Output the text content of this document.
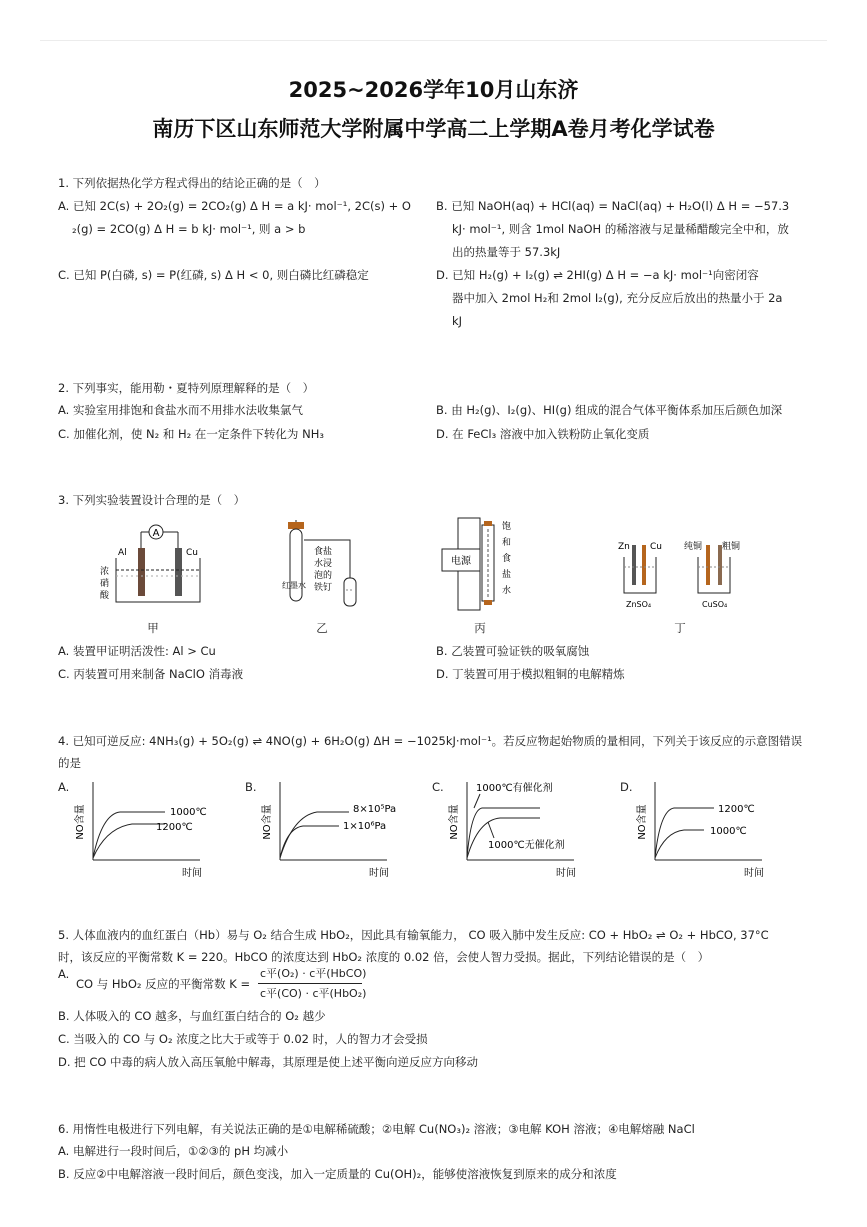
2025~2026学年10月山东济
南历下区山东师范大学附属中学高二上学期A卷月考化学试卷
1. 下列依据热化学方程式得出的结论正确的是（　）
A. 已知 2C(s) + 2O₂(g) = 2CO₂(g) Δ H = a kJ· mol⁻¹, 2C(s) + O
₂(g) = 2CO(g) Δ H = b kJ· mol⁻¹, 则 a > b
B. 已知 NaOH(aq) + HCl(aq) = NaCl(aq) + H₂O(l) Δ H = −57.3
kJ· mol⁻¹, 则含 1mol NaOH 的稀溶液与足量稀醋酸完全中和，放
出的热量等于 57.3kJ
C. 已知 P(白磷, s) = P(红磷, s) Δ H < 0, 则白磷比红磷稳定	D. 已知 H₂(g) + I₂(g) ⇌ 2HI(g) Δ H = −a kJ· mol⁻¹向密闭容
器中加入 2mol H₂和 2mol I₂(g), 充分反应后放出的热量小于 2a
kJ
2. 下列事实，能用勒・夏特列原理解释的是（　）
A. 实验室用排饱和食盐水而不用排水法收集氯气	B. 由 H₂(g)、I₂(g)、HI(g) 组成的混合气体平衡体系加压后颜色加深
C. 加催化剂，使 N₂ 和 H₂ 在一定条件下转化为 NH₃	D. 在 FeCl₃ 溶液中加入铁粉防止氧化变质
3. 下列实验装置设计合理的是（　）
A
Al	Cu
浓
硝
酸
甲
食盐
水浸
泡的
铁钉
红墨水
乙
电源
饱
和
食
盐
水
丙
Zn Cu
ZnSO₄
纯铜 粗铜
CuSO₄
丁
A. 装置甲证明活泼性: Al > Cu	B. 乙装置可验证铁的吸氧腐蚀
C. 丙装置可用来制备 NaClO 消毒液	D. 丁装置可用于模拟粗铜的电解精炼
4. 已知可逆反应: 4NH₃(g) + 5O₂(g) ⇌ 4NO(g) + 6H₂O(g) ΔH = −1025kJ·mol⁻¹。若反应物起始物质的量相同，下列关于该反应的示意图错误
的是
A.
NO含量
时间
1000℃
1200℃
B.
NO含量
时间
8×10⁵Pa
1×10⁶Pa
C.
NO含量
时间
1000℃有催化剂
1000℃无催化剂
D.
NO含量
时间
1200℃
1000℃
5. 人体血液内的血红蛋白（Hb）易与 O₂ 结合生成 HbO₂，因此具有输氧能力， CO 吸入肺中发生反应: CO + HbO₂ ⇌ O₂ + HbCO, 37°C
时，该反应的平衡常数 K = 220。HbCO 的浓度达到 HbO₂ 浓度的 0.02 倍，会使人智力受损。据此，下列结论错误的是（　）
A.
CO 与 HbO₂ 反应的平衡常数 K =
c平(O₂) · c平(HbCO)
c平(CO) · c平(HbO₂)
B. 人体吸入的 CO 越多，与血红蛋白结合的 O₂ 越少
C. 当吸入的 CO 与 O₂ 浓度之比大于或等于 0.02 时，人的智力才会受损
D. 把 CO 中毒的病人放入高压氧舱中解毒，其原理是使上述平衡向逆反应方向移动
6. 用惰性电极进行下列电解，有关说法正确的是①电解稀硫酸；②电解 Cu(NO₃)₂ 溶液；③电解 KOH 溶液；④电解熔融 NaCl
A. 电解进行一段时间后，①②③的 pH 均减小
B. 反应②中电解溶液一段时间后，颜色变浅，加入一定质量的 Cu(OH)₂，能够使溶液恢复到原来的成分和浓度
